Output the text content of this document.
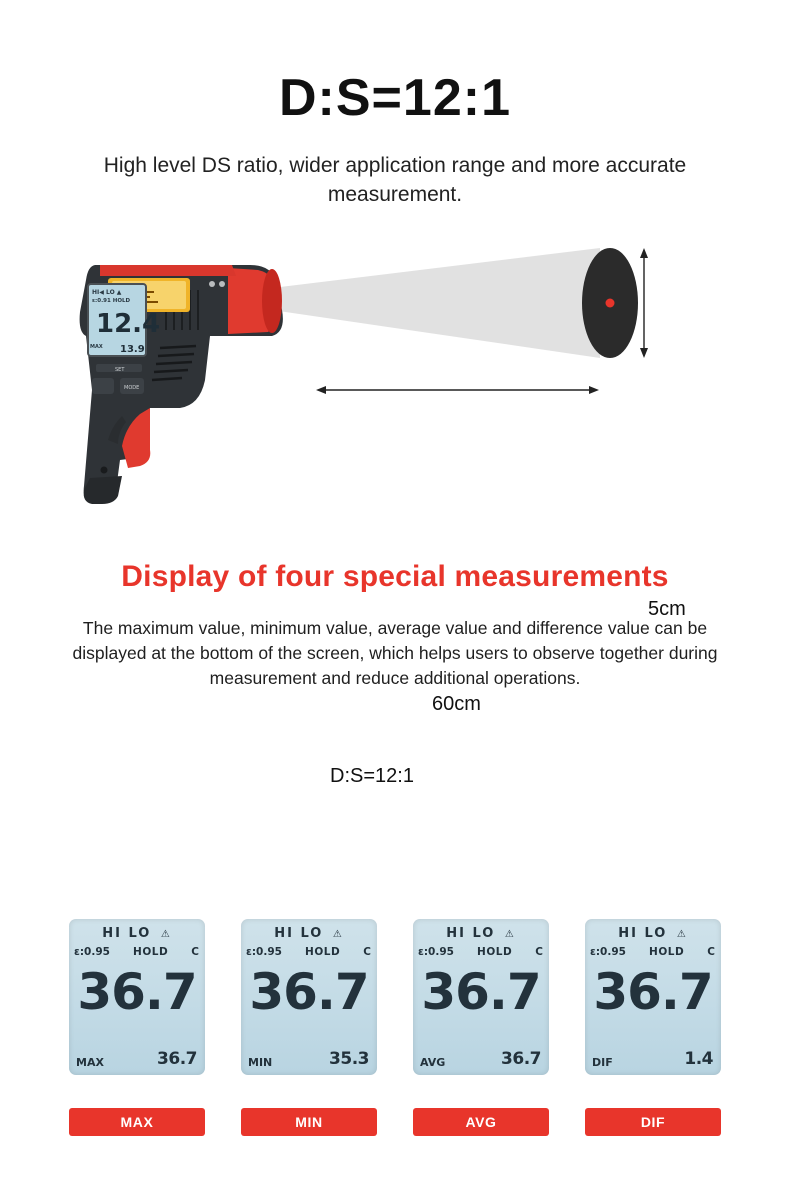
D:S=12:1
High level DS ratio, wider application range and more accurate measurement.
HI◀ LO ▲
ε:0.91 HOLD
12.4
MAX 13.9
SET
MODE
5cm
60cm
D:S=12:1
Display of four special measurements
The maximum value, minimum value, average value and difference value can be displayed at the bottom of the screen, which helps users to observe together during measurement and reduce additional operations.
HI LO ⚠
ε:0.95 HOLD C
36.7
MAX	36.7
HI LO ⚠
ε:0.95 HOLD C
36.7
MIN	35.3
HI LO ⚠
ε:0.95 HOLD C
36.7
AVG	36.7
HI LO ⚠
ε:0.95 HOLD C
36.7
DIF	1.4
MAX	MIN	AVG	DIF
